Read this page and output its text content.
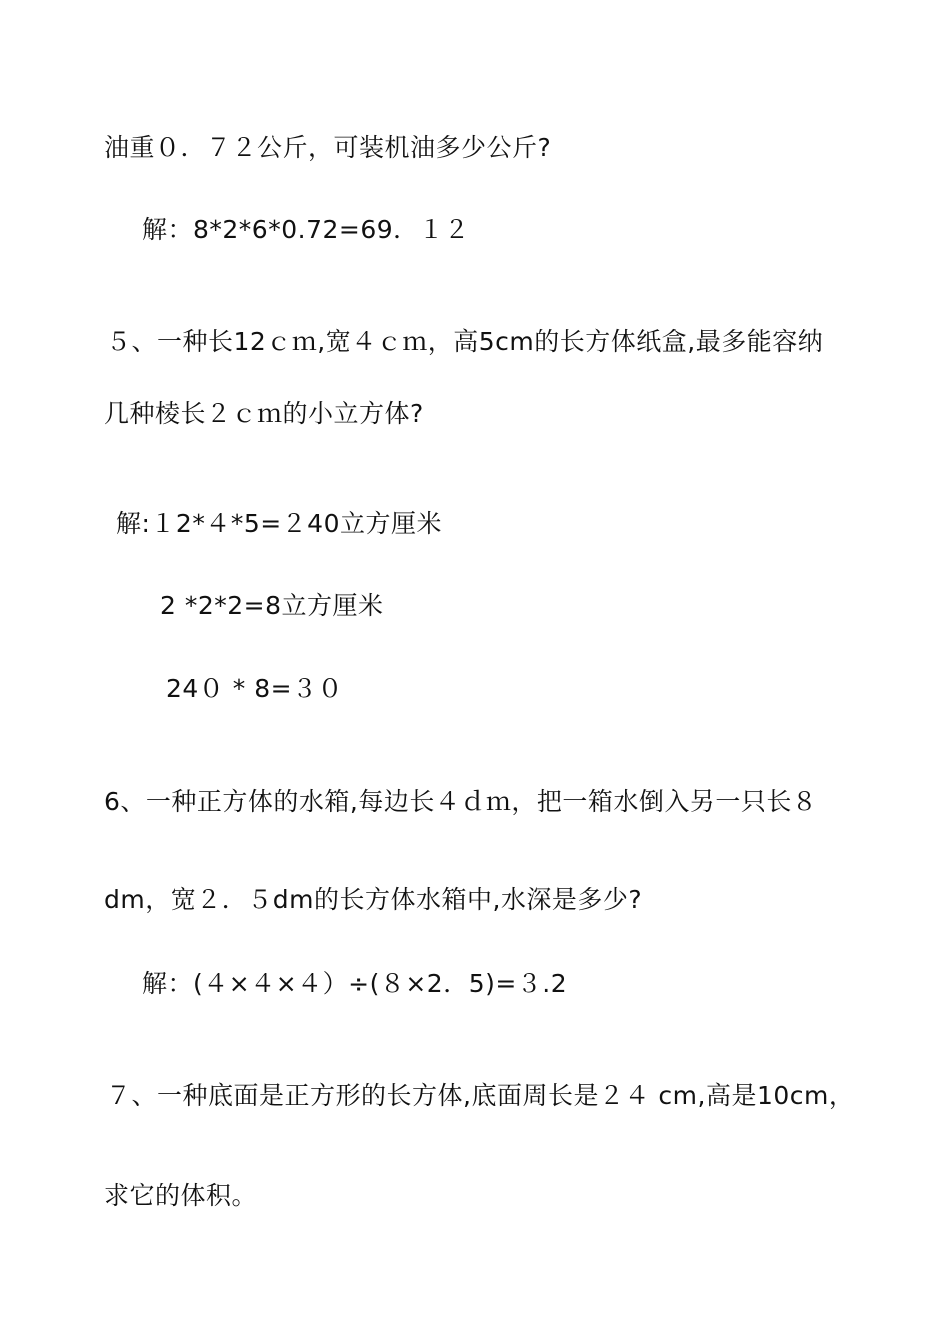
油重０．７２公斤，可装机油多少公斤?
解：8*2*6*0.72=69．１２
５、一种长12ｃｍ,宽４ｃｍ，高5cm的长方体纸盒,最多能容纳
几种棱长２ｃｍ的小立方体?
解:１2*４*5=２40立方厘米
2 *2*2=8立方厘米
24０ * 8=３０
6、一种正方体的水箱,每边长４ｄｍ，把一箱水倒入另一只长８
dm，宽２．５dm的长方体水箱中,水深是多少?
解：(４×４×４）÷(８×2．5)=３.2
７、一种底面是正方形的长方体,底面周长是２４ cm,高是10cm，
求它的体积。
